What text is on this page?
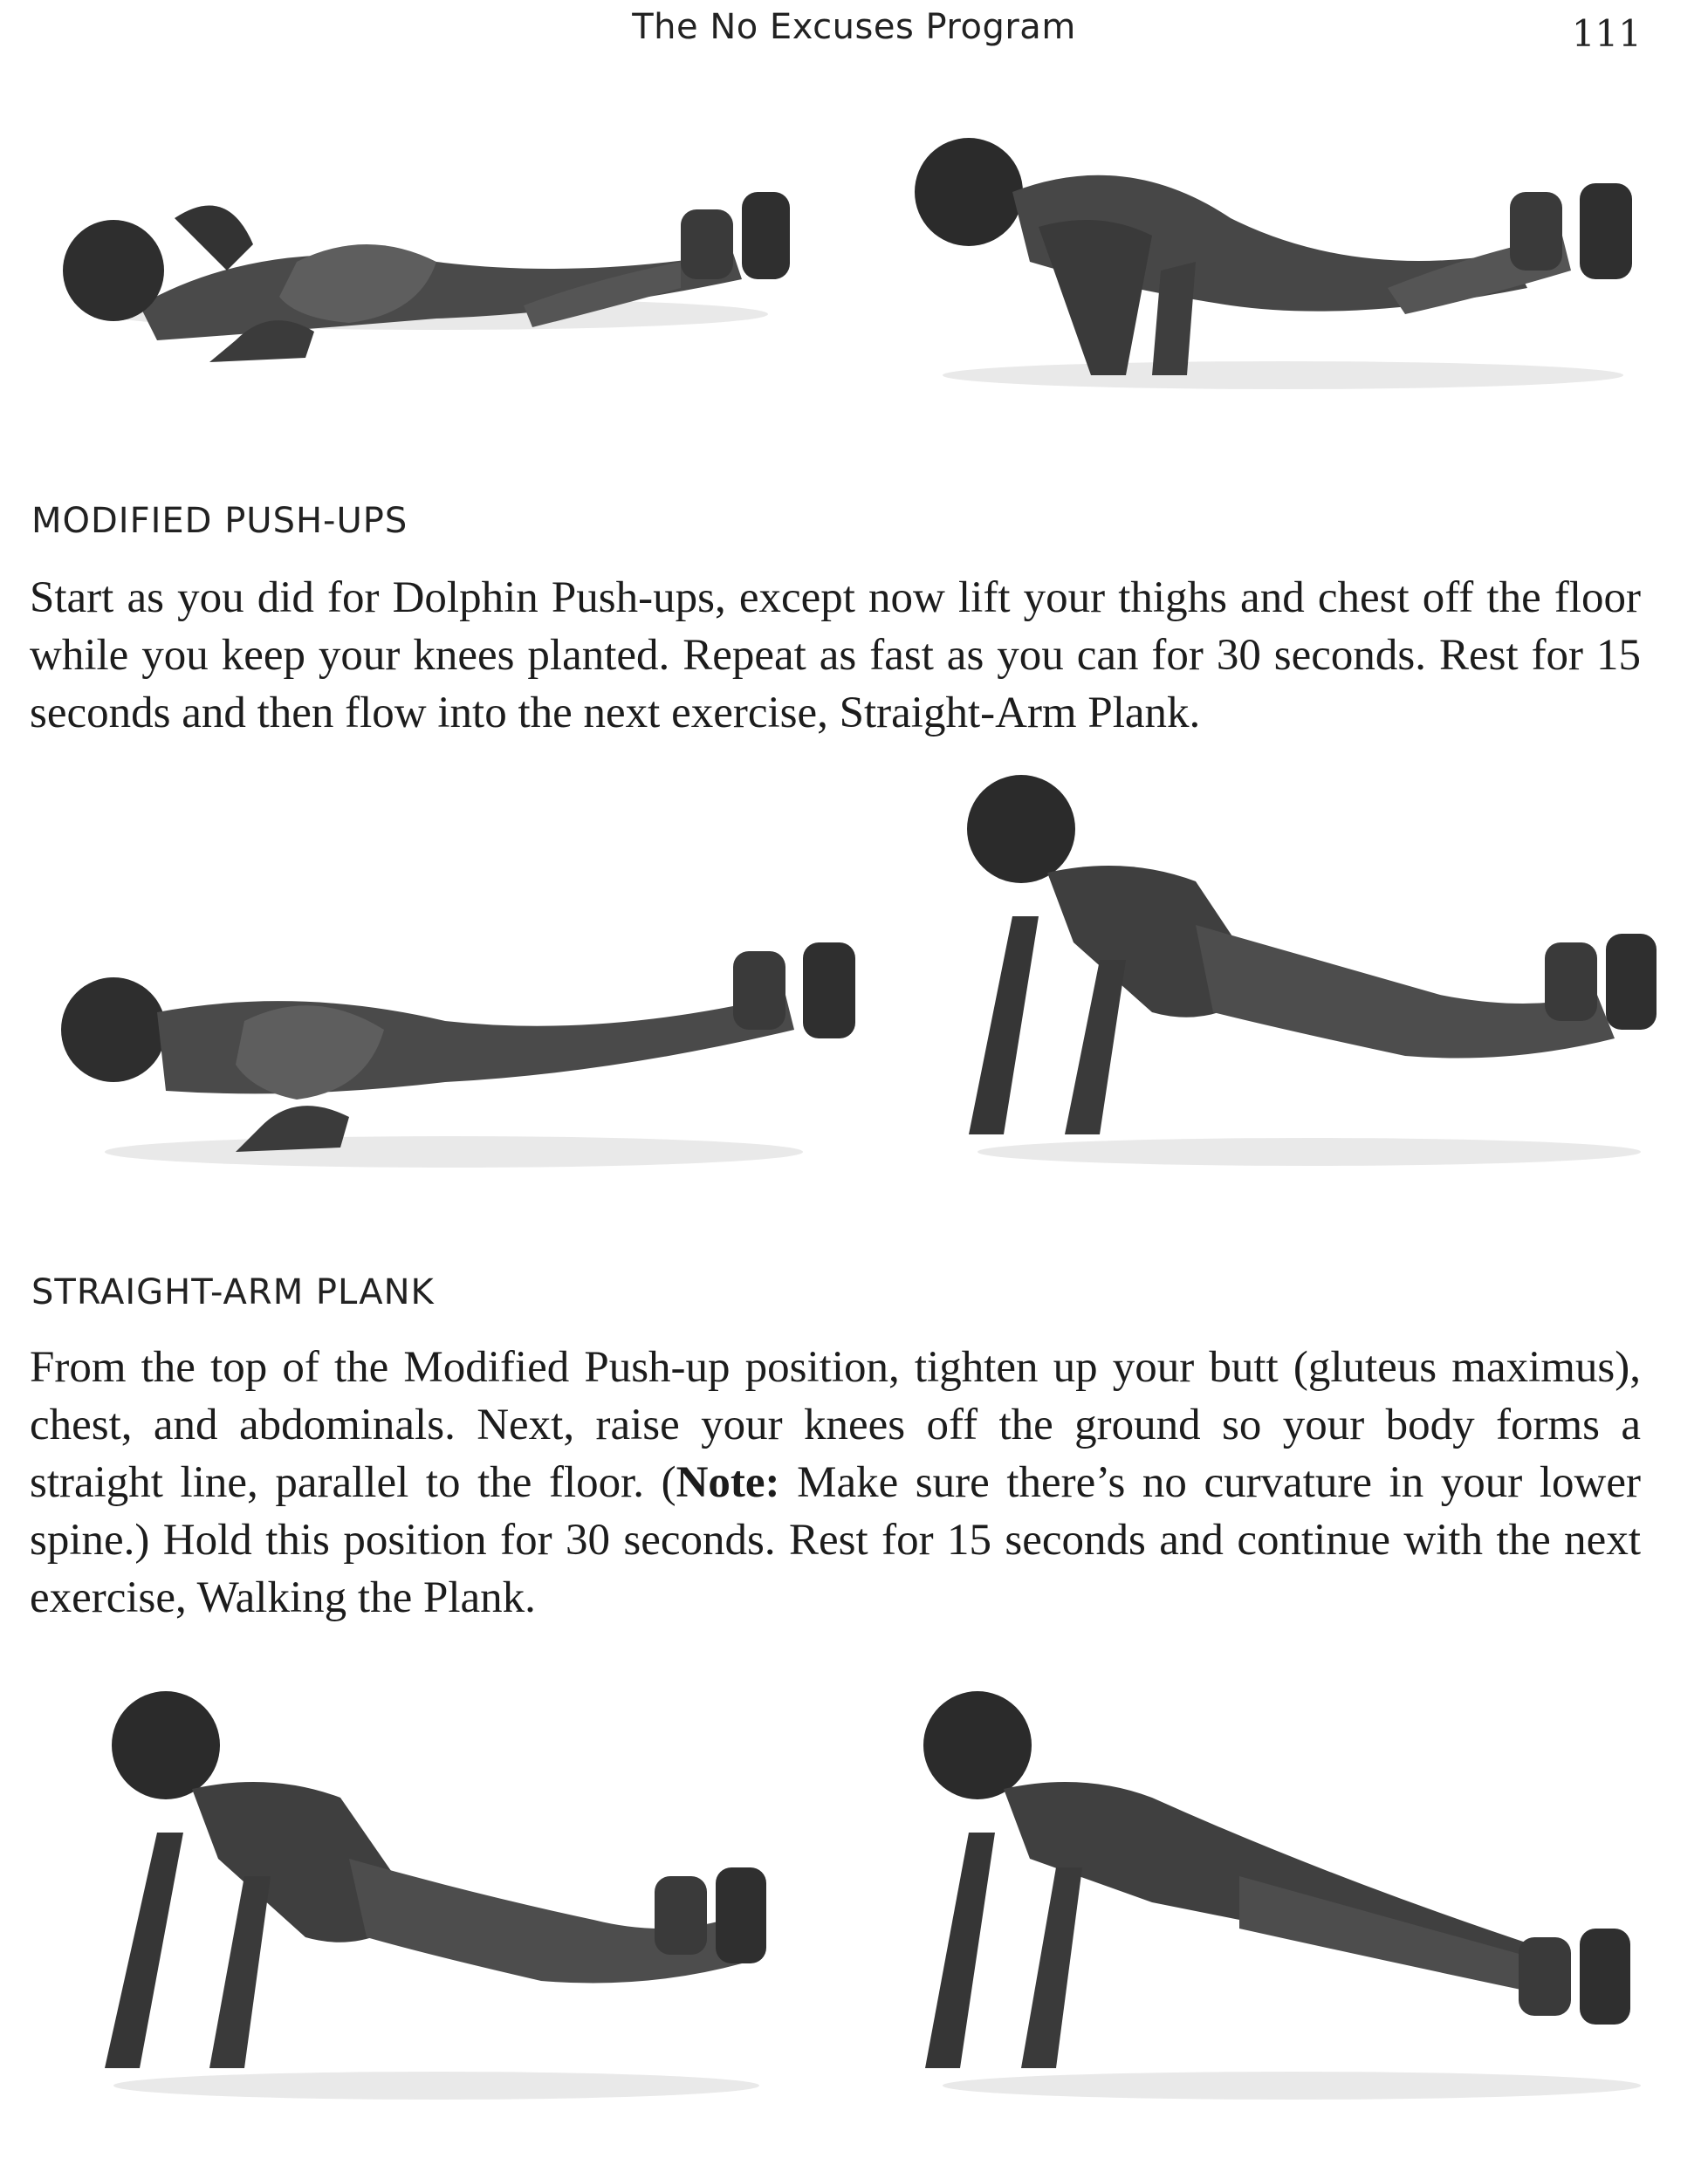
The No Excuses Program	111
MODIFIED PUSH-UPS

Start as you did for Dolphin Push-ups, except now lift your thighs and chest off the floor while you keep your knees planted. Repeat as fast as you can for 30 seconds. Rest for 15 seconds and then flow into the next exercise, Straight-Arm Plank.

STRAIGHT-ARM PLANK

From the top of the Modified Push-up position, tighten up your butt (gluteus maximus), chest, and abdominals. Next, raise your knees off the ground so your body forms a straight line, parallel to the floor. (Note: Make sure there’s no curvature in your lower spine.) Hold this position for 30 seconds. Rest for 15 seconds and continue with the next exercise, Walking the Plank.
